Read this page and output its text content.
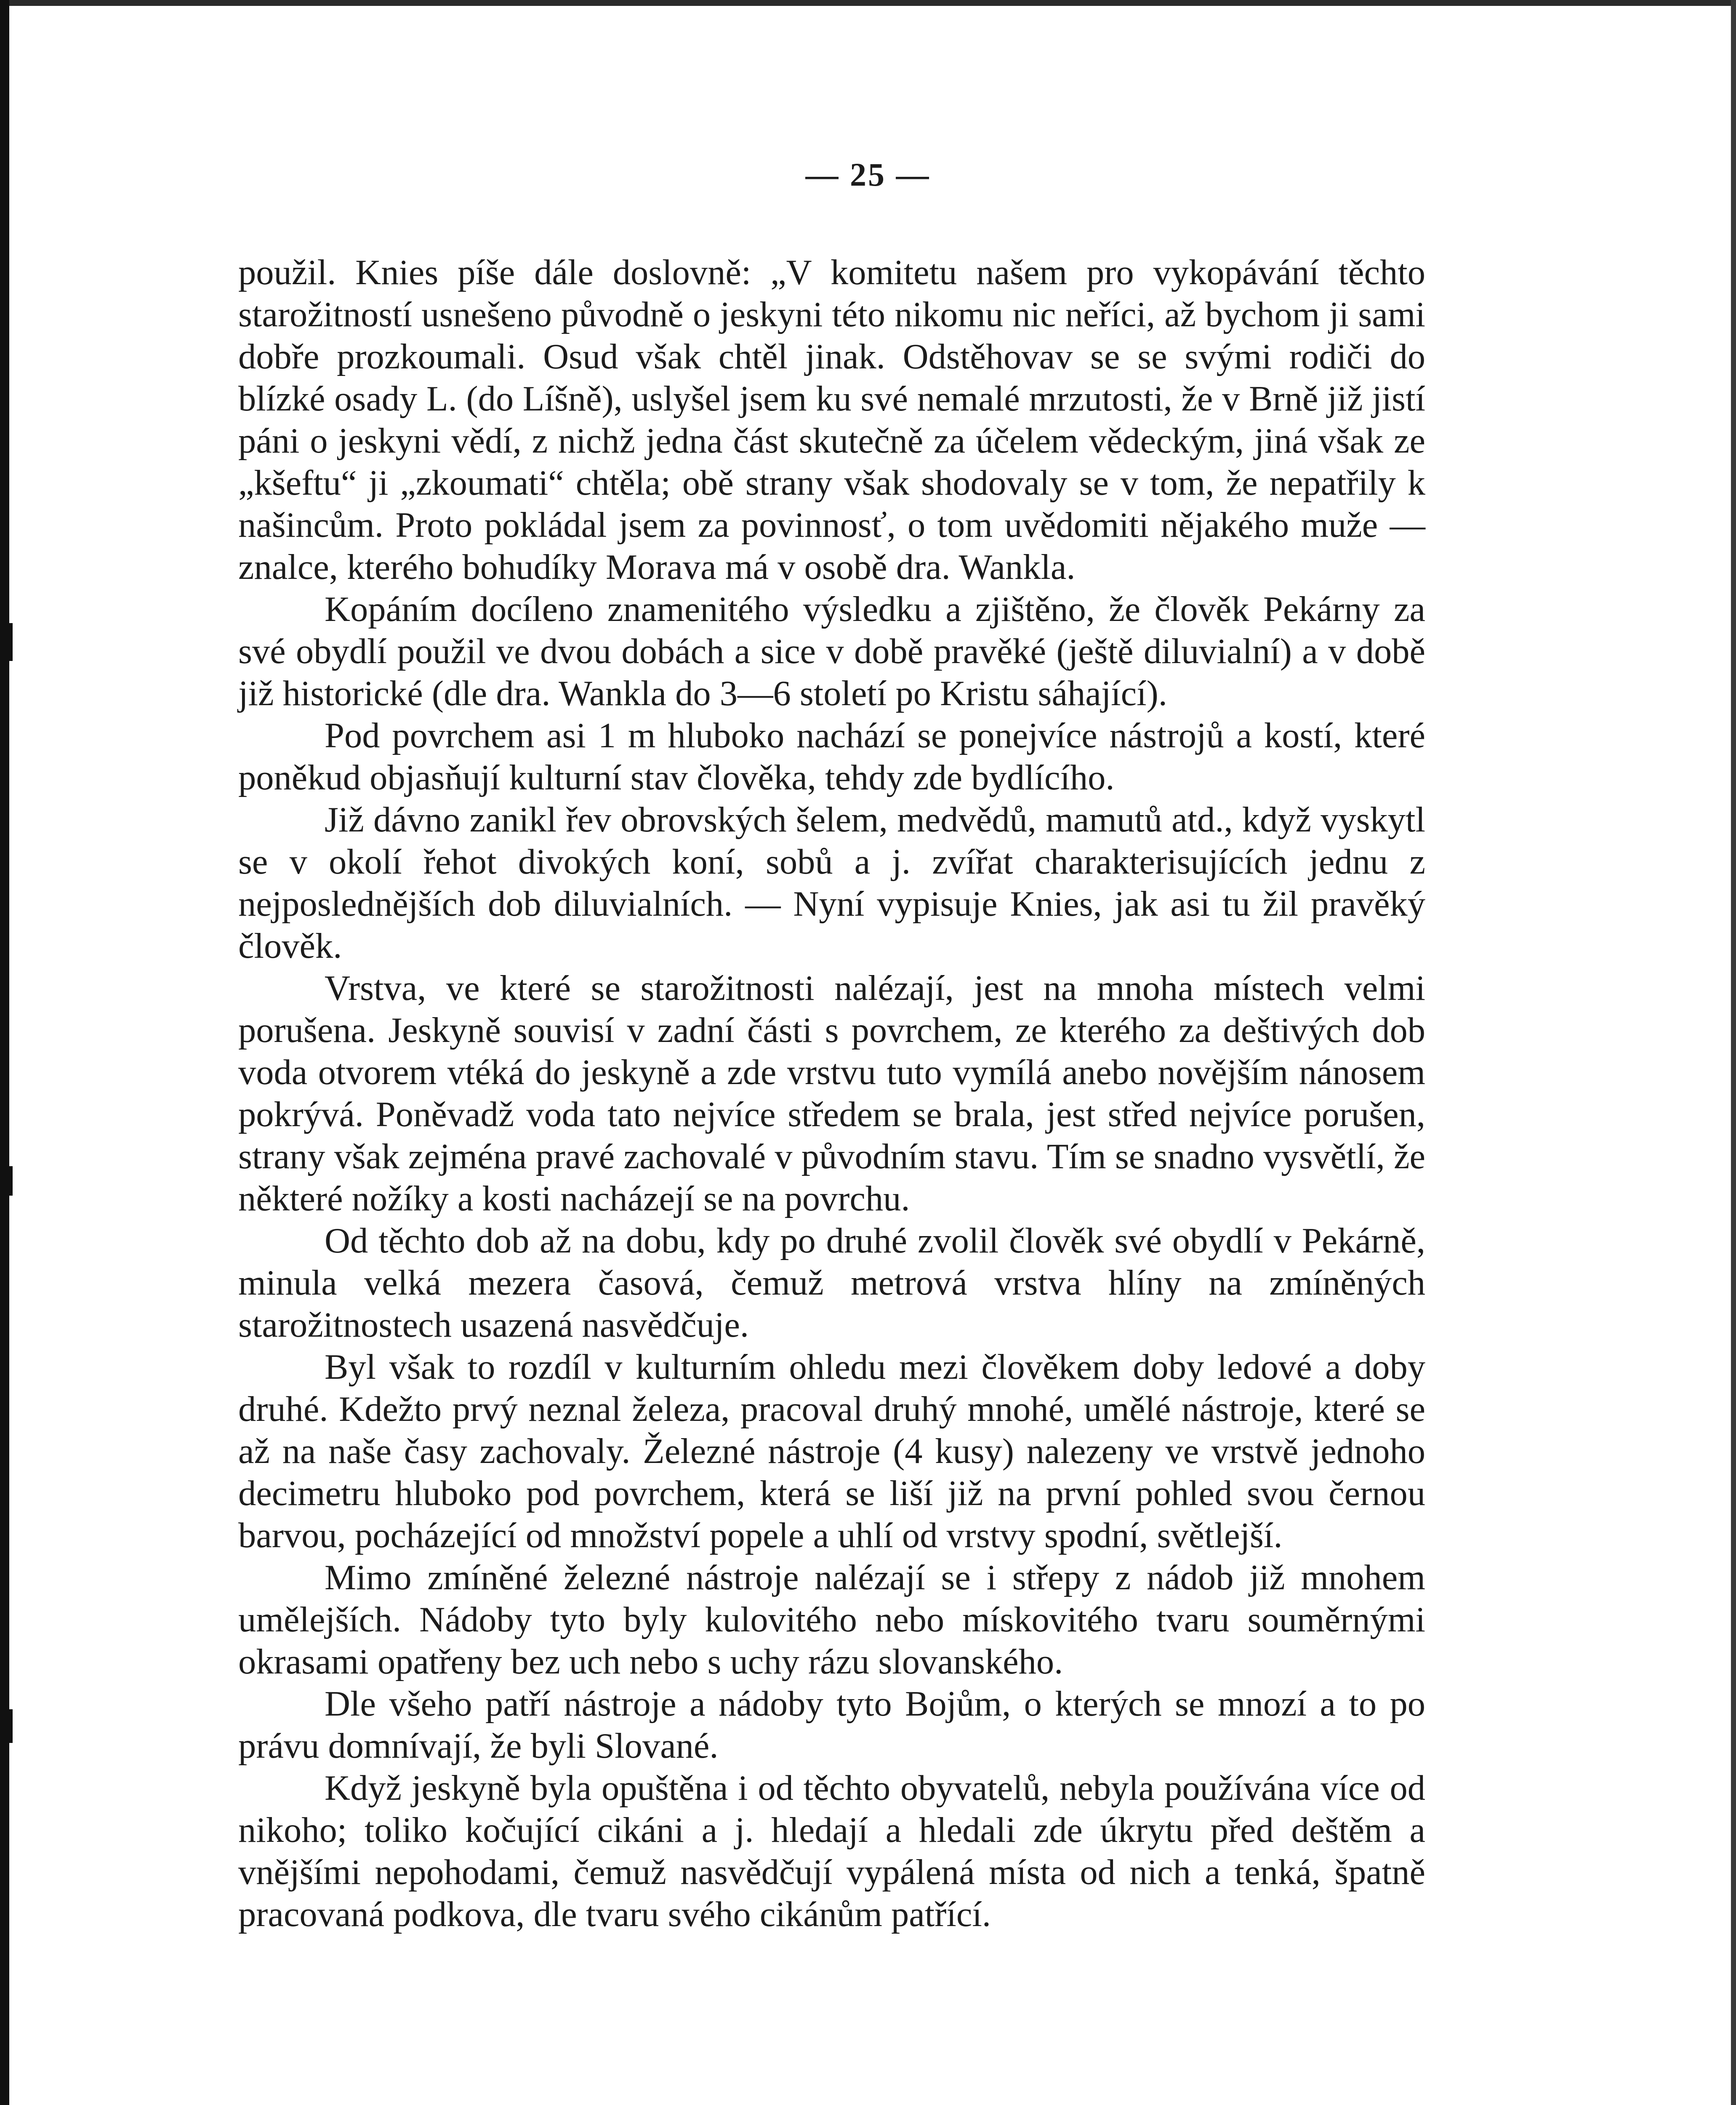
— 25 —

použil. Knies píše dále doslovně: „V komitetu našem pro vykopávání těchto starožitností usnešeno původně o jeskyni této nikomu nic neříci, až bychom ji sami dobře prozkoumali. Osud však chtěl jinak. Odstěhovav se se svými rodiči do blízké osady L. (do Líšně), uslyšel jsem ku své nemalé mrzutosti, že v Brně již jistí páni o jeskyni vědí, z nichž jedna část skutečně za účelem vědeckým, jiná však ze „kšeftu“ ji „zkoumati“ chtěla; obě strany však shodovaly se v tom, že nepatřily k našincům. Proto pokládal jsem za povinnosť, o tom uvědomiti nějakého muže — znalce, kterého bohudíky Morava má v osobě dra. Wankla.

Kopáním docíleno znamenitého výsledku a zjištěno, že člověk Pekárny za své obydlí použil ve dvou dobách a sice v době pravěké (ještě diluvialní) a v době již historické (dle dra. Wankla do 3—6 století po Kristu sáhající).

Pod povrchem asi 1 m hluboko nachází se ponejvíce nástrojů a kostí, které poněkud objasňují kulturní stav člověka, tehdy zde bydlícího.

Již dávno zanikl řev obrovských šelem, medvědů, mamutů atd., když vyskytl se v okolí řehot divokých koní, sobů a j. zvířat charakterisujících jednu z nejposlednějších dob diluvialních. — Nyní vypisuje Knies, jak asi tu žil pravěký člověk.

Vrstva, ve které se starožitnosti nalézají, jest na mnoha místech velmi porušena. Jeskyně souvisí v zadní části s povrchem, ze kterého za deštivých dob voda otvorem vtéká do jeskyně a zde vrstvu tuto vymílá anebo novějším nánosem pokrývá. Poněvadž voda tato nejvíce středem se brala, jest střed nejvíce porušen, strany však zejména pravé zachovalé v původním stavu. Tím se snadno vysvětlí, že některé nožíky a kosti nacházejí se na povrchu.

Od těchto dob až na dobu, kdy po druhé zvolil člověk své obydlí v Pekárně, minula velká mezera časová, čemuž metrová vrstva hlíny na zmíněných starožitnostech usazená nasvědčuje.

Byl však to rozdíl v kulturním ohledu mezi člověkem doby ledové a doby druhé. Kdežto prvý neznal železa, pracoval druhý mnohé, umělé nástroje, které se až na naše časy zachovaly. Železné nástroje (4 kusy) nalezeny ve vrstvě jednoho decimetru hluboko pod povrchem, která se liší již na první pohled svou černou barvou, pocházející od množství popele a uhlí od vrstvy spodní, světlejší.

Mimo zmíněné železné nástroje nalézají se i střepy z nádob již mnohem umělejších. Nádoby tyto byly kulovitého nebo mískovitého tvaru souměrnými okrasami opatřeny bez uch nebo s uchy rázu slovanského.

Dle všeho patří nástroje a nádoby tyto Bojům, o kterých se mnozí a to po právu domnívají, že byli Slované.

Když jeskyně byla opuštěna i od těchto obyvatelů, nebyla používána více od nikoho; toliko kočující cikáni a j. hledají a hledali zde úkrytu před deštěm a vnějšími nepohodami, čemuž nasvědčují vypálená místa od nich a tenká, špatně pracovaná podkova, dle tvaru svého cikánům patřící.
